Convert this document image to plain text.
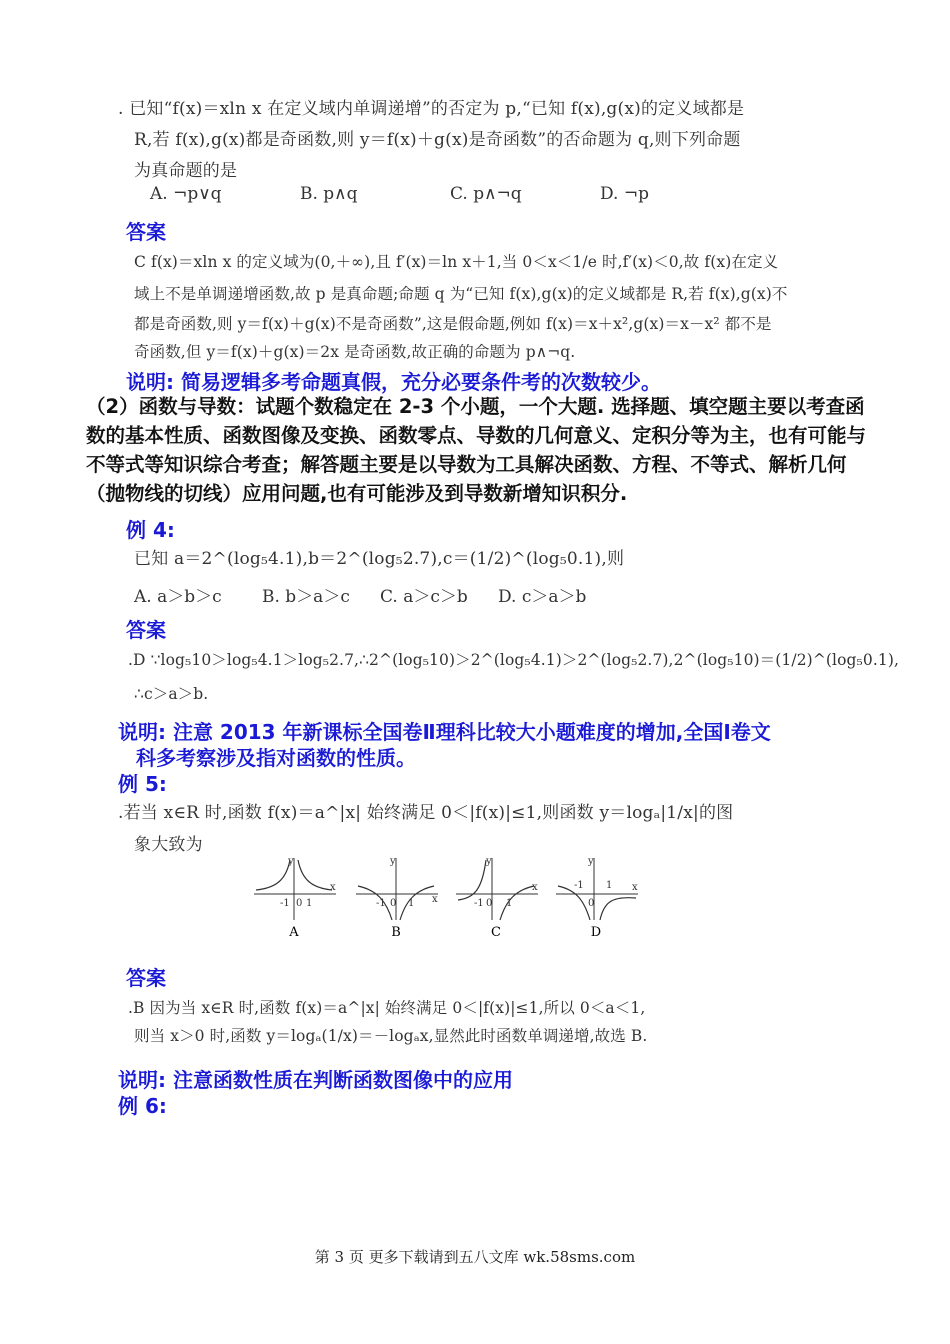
. 已知“f(x)＝xln x 在定义域内单调递增”的否定为 p,“已知 f(x),g(x)的定义域都是
R,若 f(x),g(x)都是奇函数,则 y＝f(x)＋g(x)是奇函数”的否命题为 q,则下列命题
为真命题的是
A. ¬p∨q	B. p∧q	C. p∧¬q	D. ¬p
答案
C f(x)＝xln x 的定义域为(0,＋∞),且 f′(x)＝ln x＋1,当 0＜x＜1/e 时,f′(x)＜0,故 f(x)在定义
域上不是单调递增函数,故 p 是真命题;命题 q 为“已知 f(x),g(x)的定义域都是 R,若 f(x),g(x)不
都是奇函数,则 y＝f(x)＋g(x)不是奇函数”,这是假命题,例如 f(x)＝x＋x²,g(x)＝x－x² 都不是
奇函数,但 y＝f(x)＋g(x)＝2x 是奇函数,故正确的命题为 p∧¬q.
说明: 简易逻辑多考命题真假，充分必要条件考的次数较少。
（2）函数与导数：试题个数稳定在 2-3 个小题，一个大题. 选择题、填空题主要以考查函数的基本性质、函数图像及变换、函数零点、导数的几何意义、定积分等为主，也有可能与不等式等知识综合考查；解答题主要是以导数为工具解决函数、方程、不等式、解析几何（抛物线的切线）应用问题,也有可能涉及到导数新增知识积分.
例 4:
已知 a＝2^(log₅4.1),b＝2^(log₅2.7),c＝(1/2)^(log₅0.1),则
A. a＞b＞c B. b＞a＞c C. a＞c＞b D. c＞a＞b
答案
.D ∵log₅10＞log₅4.1＞log₅2.7,∴2^(log₅10)＞2^(log₅4.1)＞2^(log₅2.7),2^(log₅10)＝(1/2)^(log₅0.1),
∴c＞a＞b.
说明: 注意 2013 年新课标全国卷Ⅱ理科比较大小题难度的增加,全国Ⅰ卷文
科多考察涉及指对函数的性质。
例 5:
.若当 x∈R 时,函数 f(x)＝a^|x| 始终满足 0＜|f(x)|≤1,则函数 y＝logₐ|1/x|的图
象大致为
-1 0 1
y
x
A
-1 0 1
y
x
B
-1 0 1
y
x
C
-1
0
1
y
x
D
答案
.B 因为当 x∈R 时,函数 f(x)＝a^|x| 始终满足 0＜|f(x)|≤1,所以 0＜a＜1,
则当 x＞0 时,函数 y＝logₐ(1/x)＝－logₐx,显然此时函数单调递增,故选 B.
说明: 注意函数性质在判断函数图像中的应用
例 6:
第 3 页 更多下载请到五八文库 wk.58sms.com
